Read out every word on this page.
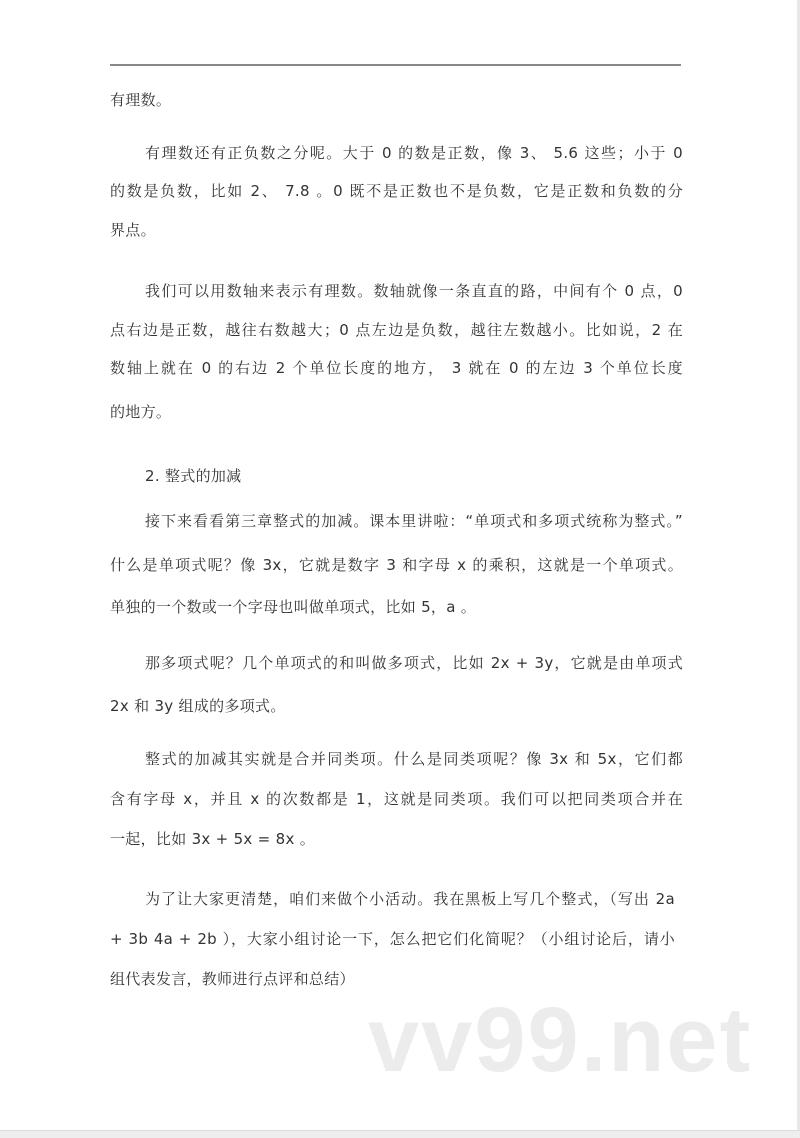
有理数。
有理数还有正负数之分呢。大于 0 的数是正数，像 3、 5.6 这些；小于 0
的数是负数，比如 2、 7.8 。0 既不是正数也不是负数，它是正数和负数的分
界点。
我们可以用数轴来表示有理数。数轴就像一条直直的路，中间有个 0 点，0
点右边是正数，越往右数越大；0 点左边是负数，越往左数越小。比如说，2 在
数轴上就在 0 的右边 2 个单位长度的地方， 3 就在 0 的左边 3 个单位长度
的地方。
2. 整式的加减
接下来看看第三章整式的加减。课本里讲啦：“单项式和多项式统称为整式。”
什么是单项式呢？像 3x，它就是数字 3 和字母 x 的乘积，这就是一个单项式。
单独的一个数或一个字母也叫做单项式，比如 5，a 。
那多项式呢？几个单项式的和叫做多项式，比如 2x + 3y，它就是由单项式
2x 和 3y 组成的多项式。
整式的加减其实就是合并同类项。什么是同类项呢？像 3x 和 5x，它们都
含有字母 x，并且 x 的次数都是 1，这就是同类项。我们可以把同类项合并在
一起，比如 3x + 5x = 8x 。
为了让大家更清楚，咱们来做个小活动。我在黑板上写几个整式，（写出 2a
+ 3b 4a + 2b ），大家小组讨论一下，怎么把它们化简呢？（小组讨论后，请小
组代表发言，教师进行点评和总结）
vv99.net
